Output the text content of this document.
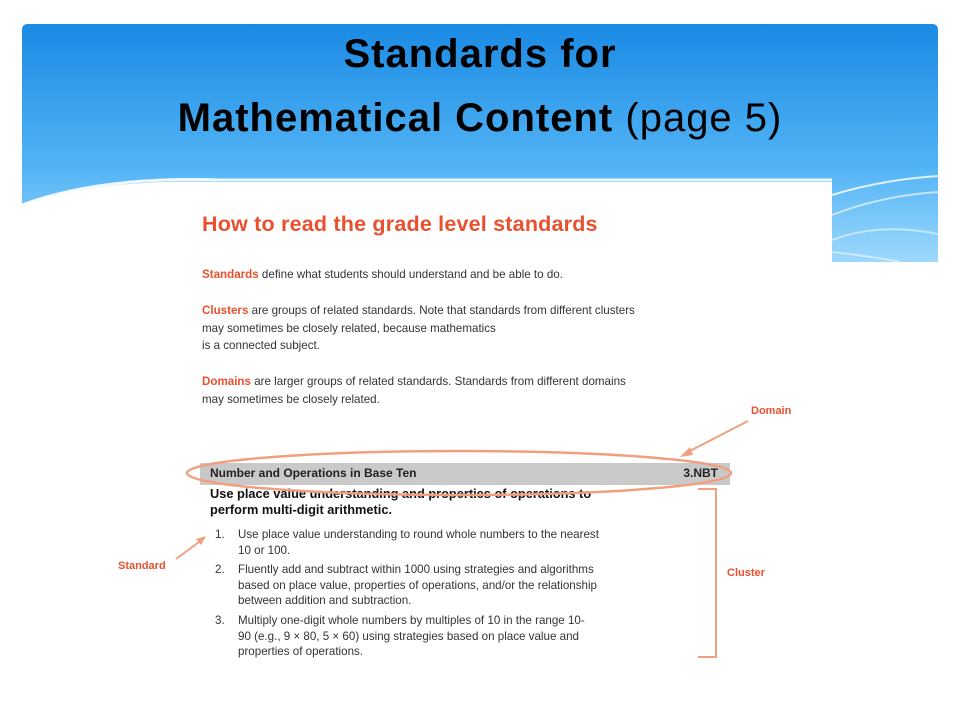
Standards for
Mathematical Content (page 5)
How to read the grade level standards
Standards define what students should understand and be able to do.
Clusters are groups of related standards. Note that standards from different clusters
may sometimes be closely related, because mathematics
is a connected subject.
Domains are larger groups of related standards. Standards from different domains
may sometimes be closely related.
Number and Operations in Base Ten	3.NBT
Use place value understanding and properties of operations to
perform multi-digit arithmetic.
1. Use place value understanding to round whole numbers to the nearest
10 or 100.
2. Fluently add and subtract within 1000 using strategies and algorithms
based on place value, properties of operations, and/or the relationship
between addition and subtraction.
3. Multiply one-digit whole numbers by multiples of 10 in the range 10-
90 (e.g., 9 × 80, 5 × 60) using strategies based on place value and
properties of operations.
Domain
Standard
Cluster
